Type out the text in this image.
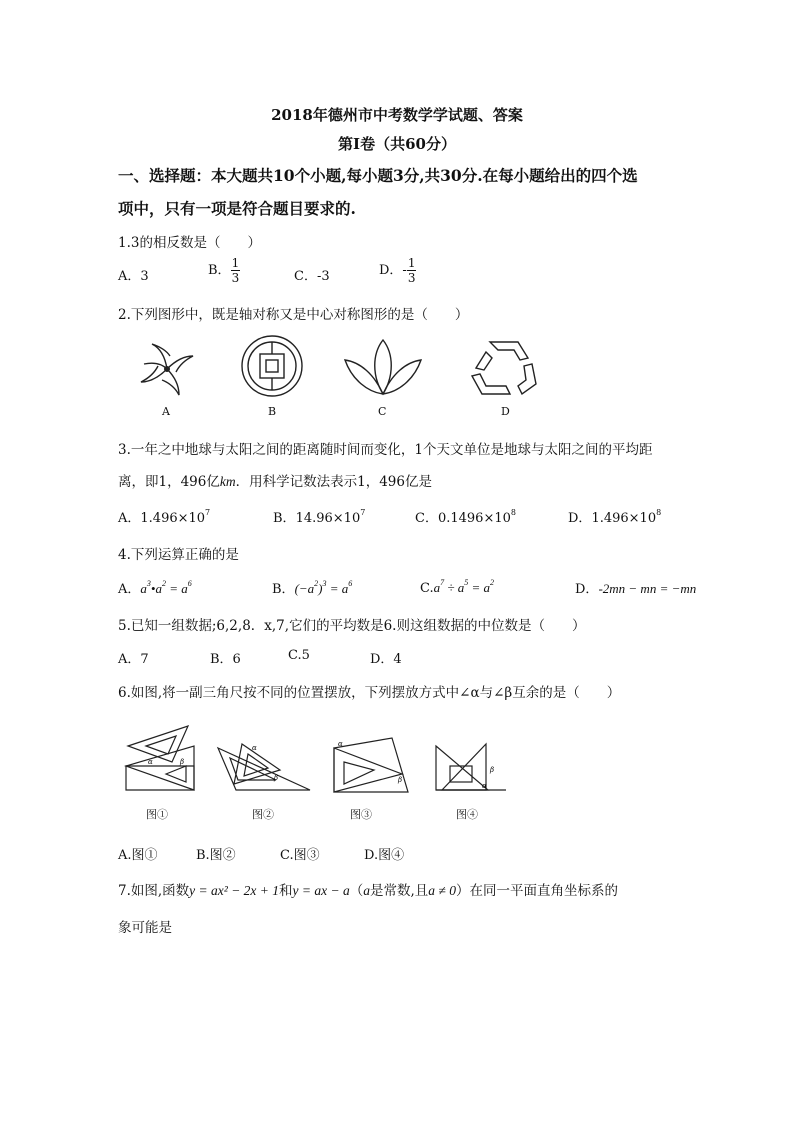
2018年德州市中考数学学试题、答案
第Ⅰ卷（共60分）
一、选择题：本大题共10个小题,每小题3分,共30分.在每小题给出的四个选
项中，只有一项是符合题目要求的.
1.3的相反数是（　　）
A．3	B． $\frac{1}{3}$	C．-3	D．- $\frac{1}{3}$
2.下列图形中，既是轴对称又是中心对称图形的是（　　）
A	B	C	D
3.一年之中地球与太阳之间的距离随时间而变化，1个天文单位是地球与太阳之间的平均距
离，即1，496亿km．用科学记数法表示1，496亿是
A．$1.496\times 10^7$	B．$14.96\times 10^7$	C．$0.1496\times 10^8$	D．$1.496\times 10^8$
4.下列运算正确的是
A．$a^3•a^2 = a^6$	B．$(-a^2)^3 = a^6$	$C.a^7 \div a^5 = a^2$	D．-2mn − mn = −mn
5.已知一组数据;6,2,8．x,7,它们的平均数是6.则这组数据的中位数是（　　）
A．7	B．6	C.5	D．4
6.如图,将一副三角尺按不同的位置摆放，下列摆放方式中∠α与∠β互余的是（　　）
α	β
图①
α
β
图②
α
β
图③
β
α
图④
A.图①	B.图②	C.图③	D.图④
7.如图,函数y = ax² − 2x + 1和y = ax − a（a是常数,且a ≠ 0）在同一平面直角坐标系的
象可能是
